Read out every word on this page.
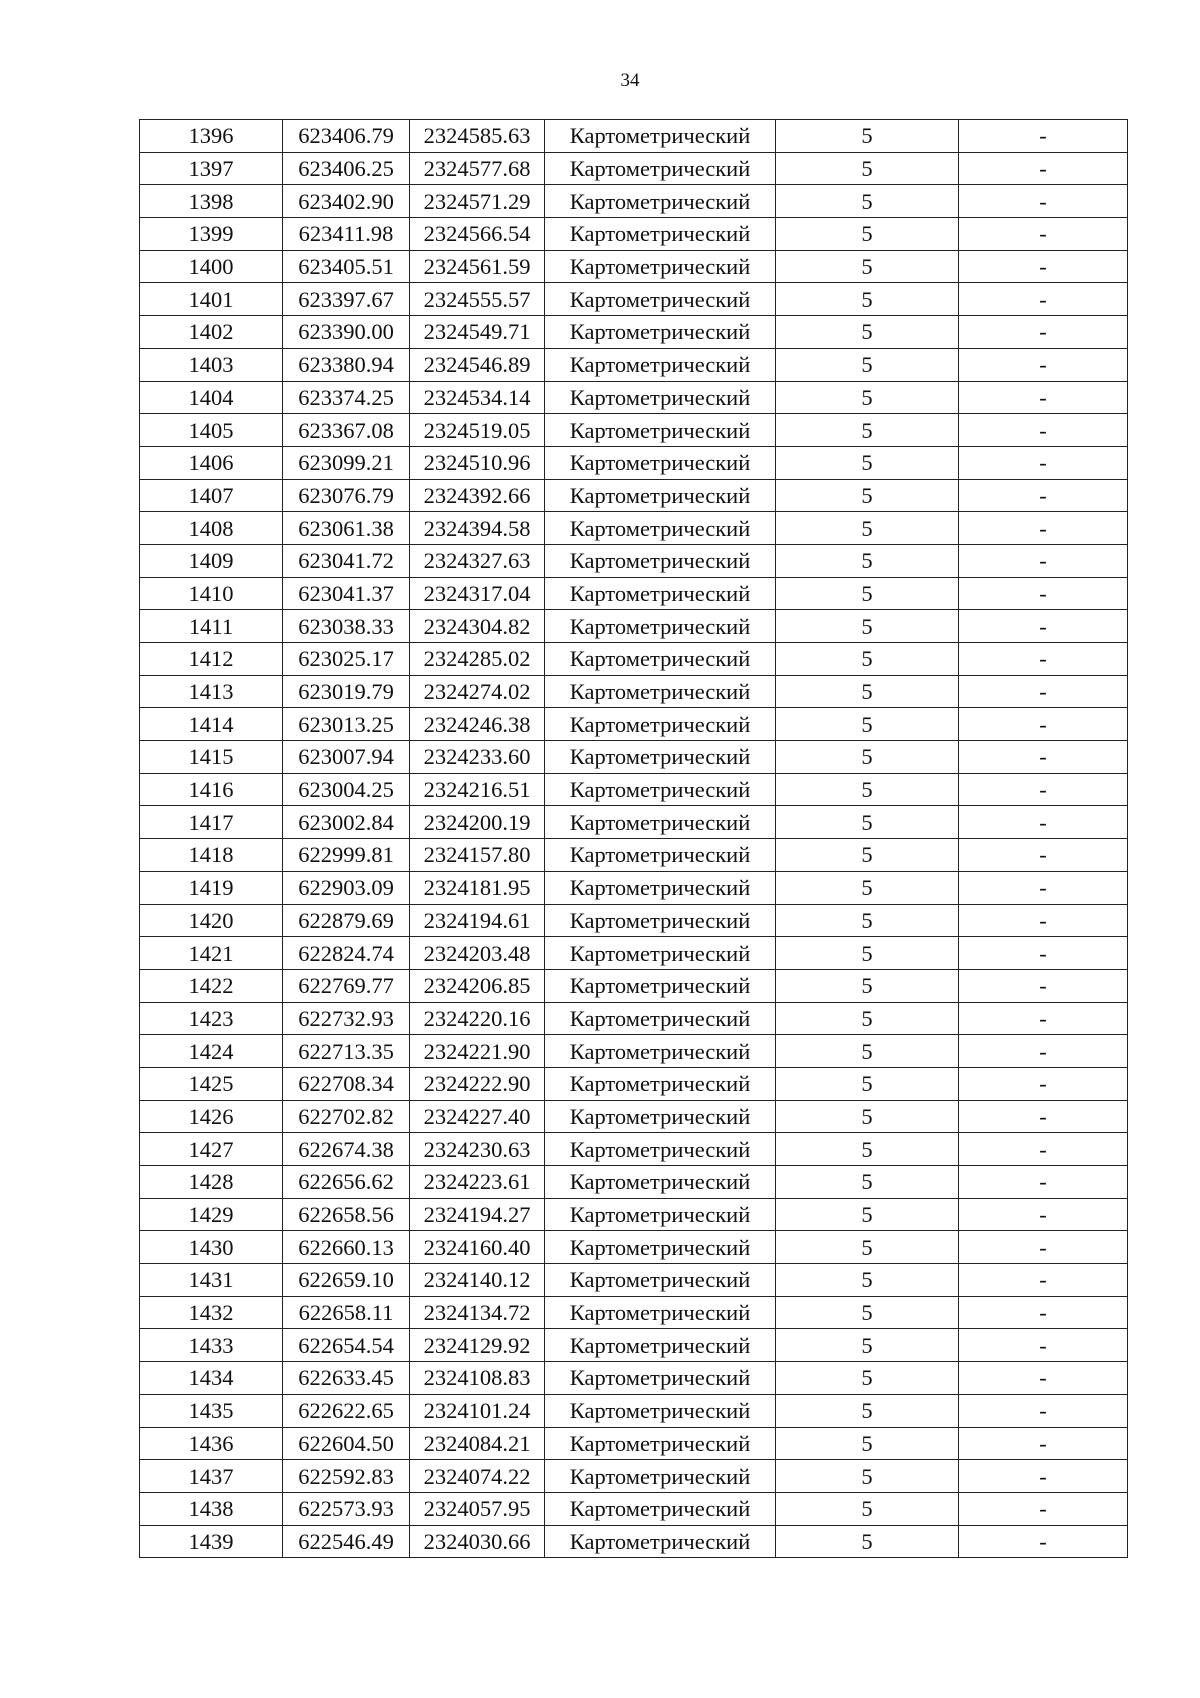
34
1396	623406.79	2324585.63	Картометрический	5	-
1397	623406.25	2324577.68	Картометрический	5	-
1398	623402.90	2324571.29	Картометрический	5	-
1399	623411.98	2324566.54	Картометрический	5	-
1400	623405.51	2324561.59	Картометрический	5	-
1401	623397.67	2324555.57	Картометрический	5	-
1402	623390.00	2324549.71	Картометрический	5	-
1403	623380.94	2324546.89	Картометрический	5	-
1404	623374.25	2324534.14	Картометрический	5	-
1405	623367.08	2324519.05	Картометрический	5	-
1406	623099.21	2324510.96	Картометрический	5	-
1407	623076.79	2324392.66	Картометрический	5	-
1408	623061.38	2324394.58	Картометрический	5	-
1409	623041.72	2324327.63	Картометрический	5	-
1410	623041.37	2324317.04	Картометрический	5	-
1411	623038.33	2324304.82	Картометрический	5	-
1412	623025.17	2324285.02	Картометрический	5	-
1413	623019.79	2324274.02	Картометрический	5	-
1414	623013.25	2324246.38	Картометрический	5	-
1415	623007.94	2324233.60	Картометрический	5	-
1416	623004.25	2324216.51	Картометрический	5	-
1417	623002.84	2324200.19	Картометрический	5	-
1418	622999.81	2324157.80	Картометрический	5	-
1419	622903.09	2324181.95	Картометрический	5	-
1420	622879.69	2324194.61	Картометрический	5	-
1421	622824.74	2324203.48	Картометрический	5	-
1422	622769.77	2324206.85	Картометрический	5	-
1423	622732.93	2324220.16	Картометрический	5	-
1424	622713.35	2324221.90	Картометрический	5	-
1425	622708.34	2324222.90	Картометрический	5	-
1426	622702.82	2324227.40	Картометрический	5	-
1427	622674.38	2324230.63	Картометрический	5	-
1428	622656.62	2324223.61	Картометрический	5	-
1429	622658.56	2324194.27	Картометрический	5	-
1430	622660.13	2324160.40	Картометрический	5	-
1431	622659.10	2324140.12	Картометрический	5	-
1432	622658.11	2324134.72	Картометрический	5	-
1433	622654.54	2324129.92	Картометрический	5	-
1434	622633.45	2324108.83	Картометрический	5	-
1435	622622.65	2324101.24	Картометрический	5	-
1436	622604.50	2324084.21	Картометрический	5	-
1437	622592.83	2324074.22	Картометрический	5	-
1438	622573.93	2324057.95	Картометрический	5	-
1439	622546.49	2324030.66	Картометрический	5	-
